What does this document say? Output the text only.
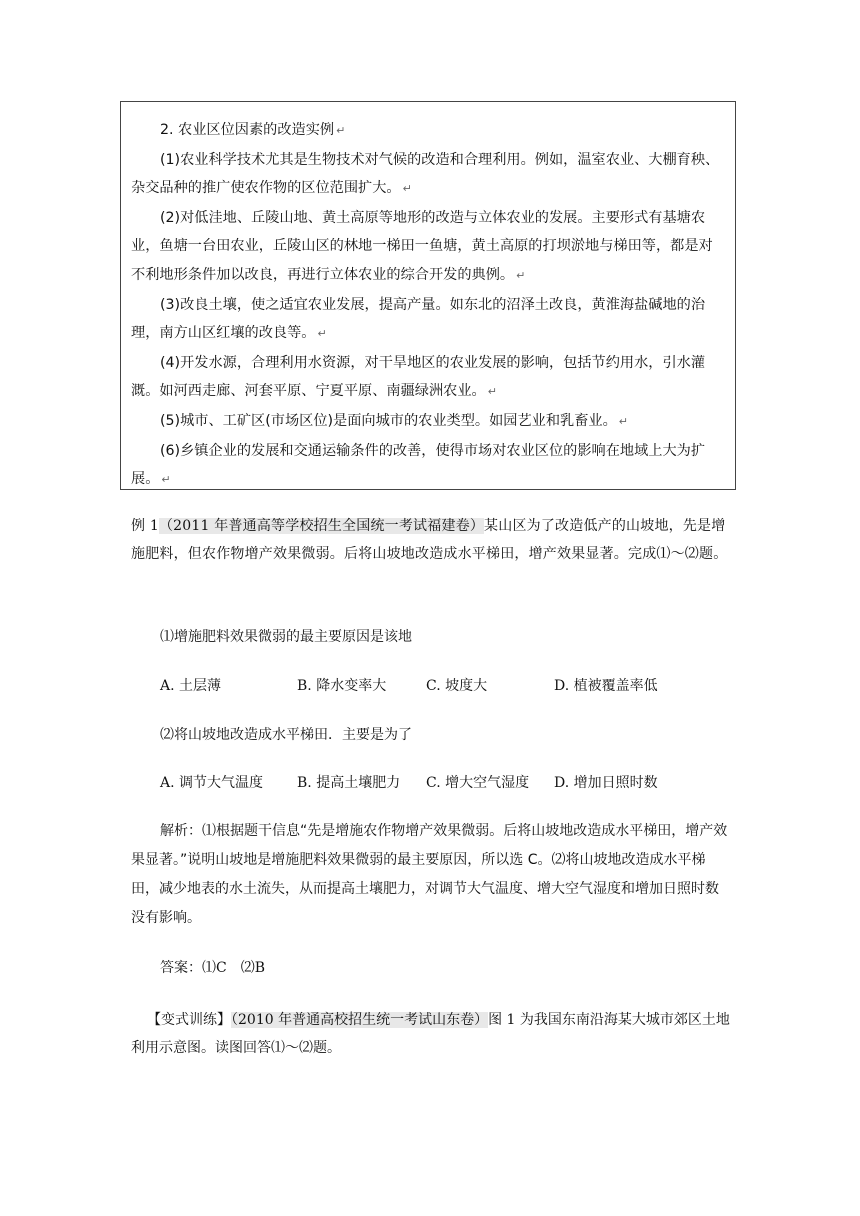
2. 农业区位因素的改造实例 ↵

(1)农业科学技术尤其是生物技术对气候的改造和合理利用。例如，温室农业、大棚育秧、杂交品种的推广使农作物的区位范围扩大。 ↵

(2)对低洼地、丘陵山地、黄土高原等地形的改造与立体农业的发展。主要形式有基塘农业，鱼塘一台田农业，丘陵山区的林地一梯田一鱼塘，黄土高原的打坝淤地与梯田等，都是对不利地形条件加以改良，再进行立体农业的综合开发的典例。 ↵

(3)改良土壤，使之适宜农业发展，提高产量。如东北的沼泽土改良，黄淮海盐碱地的治理，南方山区红壤的改良等。 ↵

(4)开发水源，合理利用水资源，对干旱地区的农业发展的影响，包括节约用水，引水灌溉。如河西走廊、河套平原、宁夏平原、南疆绿洲农业。 ↵

(5)城市、工矿区(市场区位)是面向城市的农业类型。如园艺业和乳畜业。 ↵

(6)乡镇企业的发展和交通运输条件的改善，使得市场对农业区位的影响在地域上大为扩展。 ↵

例 1（2011 年普通高等学校招生全国统一考试福建卷）某山区为了改造低产的山坡地，先是增施肥料，但农作物增产效果微弱。后将山坡地改造成水平梯田，增产效果显著。完成⑴～⑵题。

⑴增施肥料效果微弱的最主要原因是该地

A. 土层薄	B. 降水变率大	C. 坡度大	D. 植被覆盖率低

⑵将山坡地改造成水平梯田．主要是为了

A. 调节大气温度 B. 提高土壤肥力 C. 增大空气湿度 D. 增加日照时数

解析：⑴根据题干信息“先是增施农作物增产效果微弱。后将山坡地改造成水平梯田，增产效果显著。”说明山坡地是增施肥料效果微弱的最主要原因，所以选 C。⑵将山坡地改造成水平梯田，减少地表的水土流失，从而提高土壤肥力，对调节大气温度、增大空气湿度和增加日照时数没有影响。

答案：⑴C　⑵B

【变式训练】（2010 年普通高校招生统一考试山东卷）图 1 为我国东南沿海某大城市郊区土地利用示意图。读图回答⑴～⑵题。
